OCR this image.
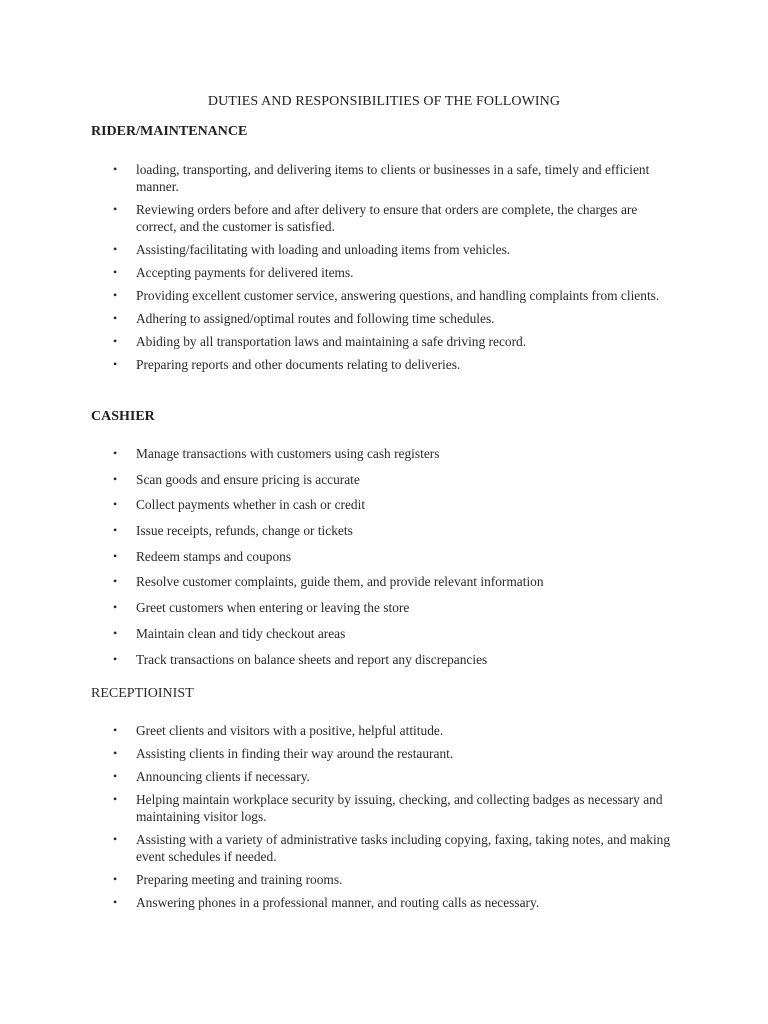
DUTIES AND RESPONSIBILITIES OF THE FOLLOWING
RIDER/MAINTENANCE
• loading, transporting, and delivering items to clients or businesses in a safe, timely and efficient manner.
• Reviewing orders before and after delivery to ensure that orders are complete, the charges are correct, and the customer is satisfied.
• Assisting/facilitating with loading and unloading items from vehicles.
• Accepting payments for delivered items.
• Providing excellent customer service, answering questions, and handling complaints from clients.
• Adhering to assigned/optimal routes and following time schedules.
• Abiding by all transportation laws and maintaining a safe driving record.
• Preparing reports and other documents relating to deliveries.
CASHIER
• Manage transactions with customers using cash registers
• Scan goods and ensure pricing is accurate
• Collect payments whether in cash or credit
• Issue receipts, refunds, change or tickets
• Redeem stamps and coupons
• Resolve customer complaints, guide them, and provide relevant information
• Greet customers when entering or leaving the store
• Maintain clean and tidy checkout areas
• Track transactions on balance sheets and report any discrepancies
RECEPTIOINIST
• Greet clients and visitors with a positive, helpful attitude.
• Assisting clients in finding their way around the restaurant.
• Announcing clients if necessary.
• Helping maintain workplace security by issuing, checking, and collecting badges as necessary and maintaining visitor logs.
• Assisting with a variety of administrative tasks including copying, faxing, taking notes, and making event schedules if needed.
• Preparing meeting and training rooms.
• Answering phones in a professional manner, and routing calls as necessary.
